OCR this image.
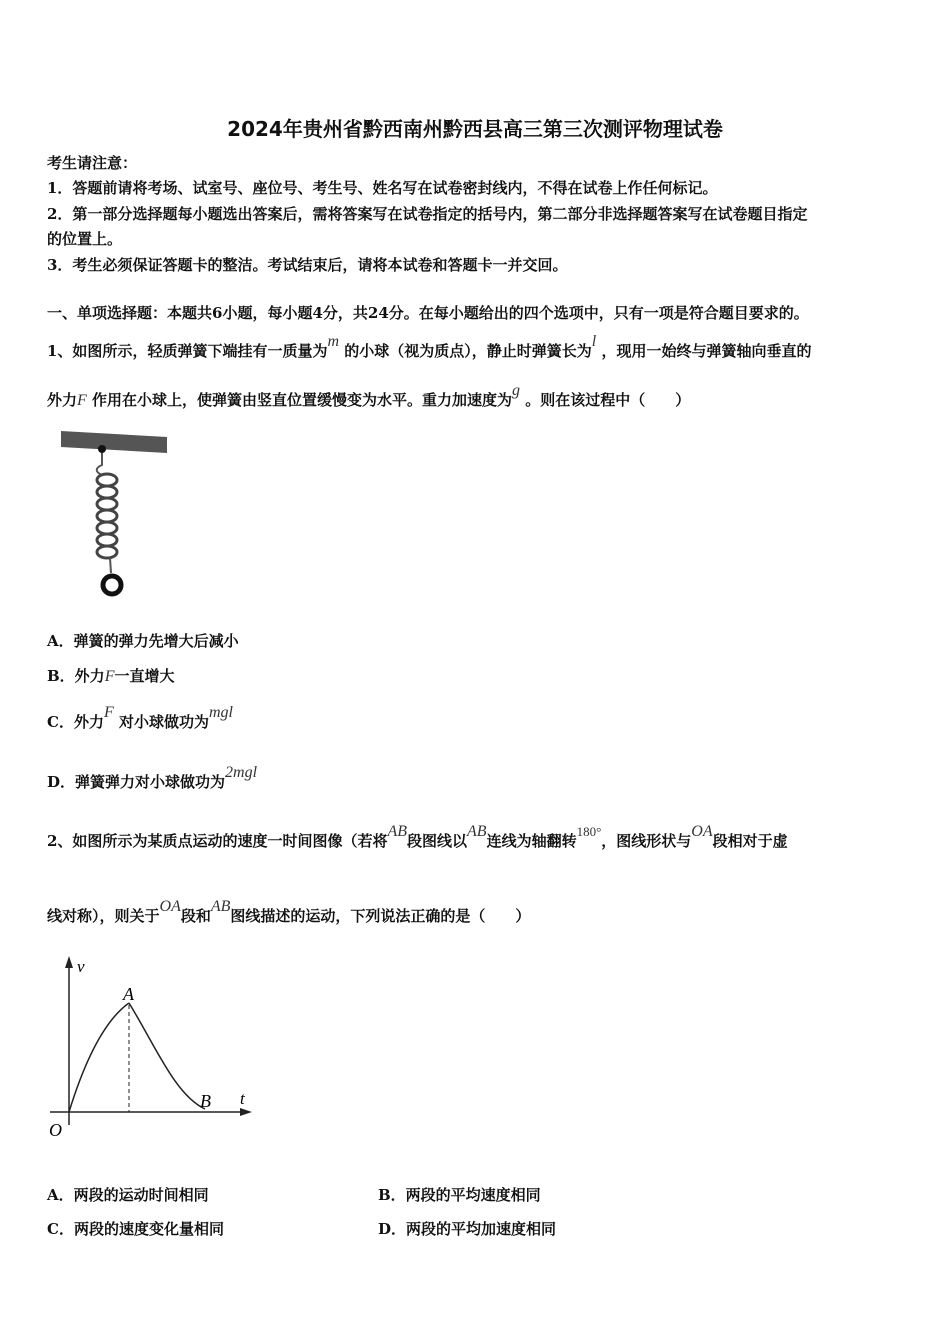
2024年贵州省黔西南州黔西县高三第三次测评物理试卷
考生请注意：
1．答题前请将考场、试室号、座位号、考生号、姓名写在试卷密封线内，不得在试卷上作任何标记。
2．第一部分选择题每小题选出答案后，需将答案写在试卷指定的括号内，第二部分非选择题答案写在试卷题目指定
的位置上。
3．考生必须保证答题卡的整洁。考试结束后，请将本试卷和答题卡一并交回。
一、单项选择题：本题共6小题，每小题4分，共24分。在每小题给出的四个选项中，只有一项是符合题目要求的。
1、如图所示，轻质弹簧下端挂有一质量为m 的小球（视为质点），静止时弹簧长为l ，现用一始终与弹簧轴向垂直的
外力F 作用在小球上，使弹簧由竖直位置缓慢变为水平。重力加速度为g 。则在该过程中（　　）
A．弹簧的弹力先增大后减小
B．外力F一直增大
C．外力F 对小球做功为mgl
D．弹簧弹力对小球做功为2mgl
2、如图所示为某质点运动的速度一时间图像（若将AB段图线以AB连线为轴翻转180°，图线形状与OA段相对于虚
线对称），则关于OA段和AB图线描述的运动，下列说法正确的是（　　）
v
A
B t
O
A．两段的运动时间相同	B．两段的平均速度相同
C．两段的速度变化量相同	D．两段的平均加速度相同
